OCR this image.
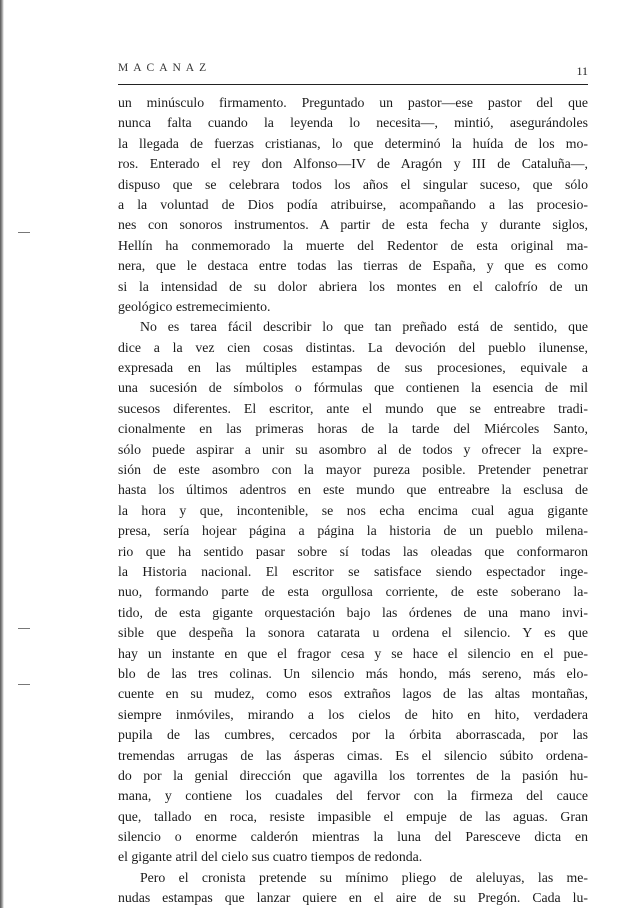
MACANAZ	11
un minúsculo firmamento. Preguntado un pastor—ese pastor del que
nunca falta cuando la leyenda lo necesita—, mintió, asegurándoles
la llegada de fuerzas cristianas, lo que determinó la huída de los mo-
ros. Enterado el rey don Alfonso—IV de Aragón y III de Cataluña—,
dispuso que se celebrara todos los años el singular suceso, que sólo
a la voluntad de Dios podía atribuirse, acompañando a las procesio-
nes con sonoros instrumentos. A partir de esta fecha y durante siglos,
Hellín ha conmemorado la muerte del Redentor de esta original ma-
nera, que le destaca entre todas las tierras de España, y que es como
si la intensidad de su dolor abriera los montes en el calofrío de un
geológico estremecimiento.
No es tarea fácil describir lo que tan preñado está de sentido, que
dice a la vez cien cosas distintas. La devoción del pueblo ilunense,
expresada en las múltiples estampas de sus procesiones, equivale a
una sucesión de símbolos o fórmulas que contienen la esencia de mil
sucesos diferentes. El escritor, ante el mundo que se entreabre tradi-
cionalmente en las primeras horas de la tarde del Miércoles Santo,
sólo puede aspirar a unir su asombro al de todos y ofrecer la expre-
sión de este asombro con la mayor pureza posible. Pretender penetrar
hasta los últimos adentros en este mundo que entreabre la esclusa de
la hora y que, incontenible, se nos echa encima cual agua gigante
presa, sería hojear página a página la historia de un pueblo milena-
rio que ha sentido pasar sobre sí todas las oleadas que conformaron
la Historia nacional. El escritor se satisface siendo espectador inge-
nuo, formando parte de esta orgullosa corriente, de este soberano la-
tido, de esta gigante orquestación bajo las órdenes de una mano invi-
sible que despeña la sonora catarata u ordena el silencio. Y es que
hay un instante en que el fragor cesa y se hace el silencio en el pue-
blo de las tres colinas. Un silencio más hondo, más sereno, más elo-
cuente en su mudez, como esos extraños lagos de las altas montañas,
siempre inmóviles, mirando a los cielos de hito en hito, verdadera
pupila de las cumbres, cercados por la órbita aborrascada, por las
tremendas arrugas de las ásperas cimas. Es el silencio súbito ordena-
do por la genial dirección que agavilla los torrentes de la pasión hu-
mana, y contiene los cuadales del fervor con la firmeza del cauce
que, tallado en roca, resiste impasible el empuje de las aguas. Gran
silencio o enorme calderón mientras la luna del Paresceve dicta en
el gigante atril del cielo sus cuatro tiempos de redonda.
Pero el cronista pretende su mínimo pliego de aleluyas, las me-
nudas estampas que lanzar quiere en el aire de su Pregón. Cada lu-
